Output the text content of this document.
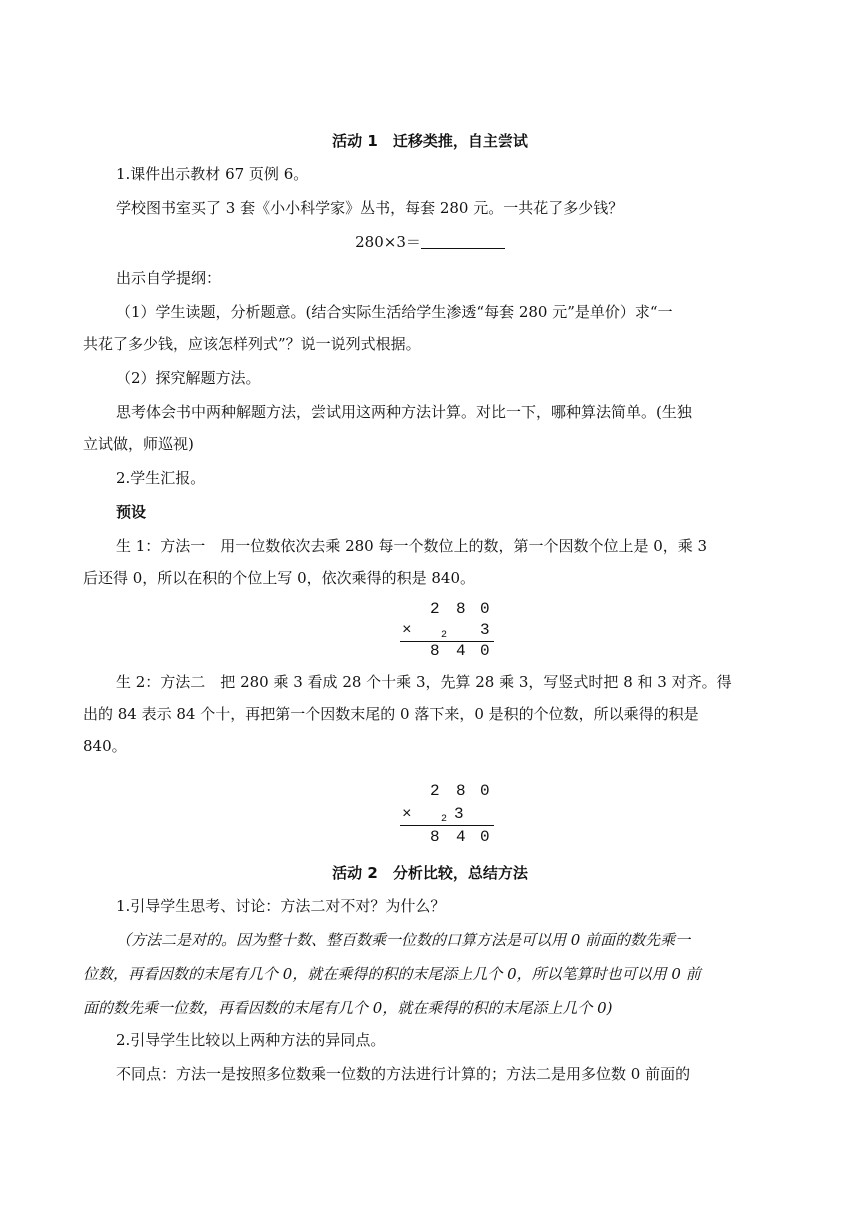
活动 1　迁移类推，自主尝试
1.课件出示教材 67 页例 6。
学校图书室买了 3 套《小小科学家》丛书，每套 280 元。一共花了多少钱？
280×3＝
出示自学提纲：
（1）学生读题，分析题意。(结合实际生活给学生渗透“每套 280 元”是单价）求“一
共花了多少钱，应该怎样列式”？说一说列式根据。
（2）探究解题方法。
思考体会书中两种解题方法，尝试用这两种方法计算。对比一下，哪种算法简单。(生独
立试做，师巡视)
2.学生汇报。
预设
生 1：方法一　用一位数依次去乘 280 每一个数位上的数，第一个因数个位上是 0，乘 3
后还得 0，所以在积的个位上写 0，依次乘得的积是 840。
2 8 0
×	2 3
8 4 0
生 2：方法二　把 280 乘 3 看成 28 个十乘 3，先算 28 乘 3，写竖式时把 8 和 3 对齐。得
出的 84 表示 84 个十，再把第一个因数末尾的 0 落下来，0 是积的个位数，所以乘得的积是
840。
2 8 0
×	2 3
8 4 0
活动 2　分析比较，总结方法
1.引导学生思考、讨论：方法二对不对？为什么？
（方法二是对的。因为整十数、整百数乘一位数的口算方法是可以用 0 前面的数先乘一
位数，再看因数的末尾有几个 0，就在乘得的积的末尾添上几个 0，所以笔算时也可以用 0 前
面的数先乘一位数，再看因数的末尾有几个 0，就在乘得的积的末尾添上几个 0)
2.引导学生比较以上两种方法的异同点。
不同点：方法一是按照多位数乘一位数的方法进行计算的；方法二是用多位数 0 前面的
